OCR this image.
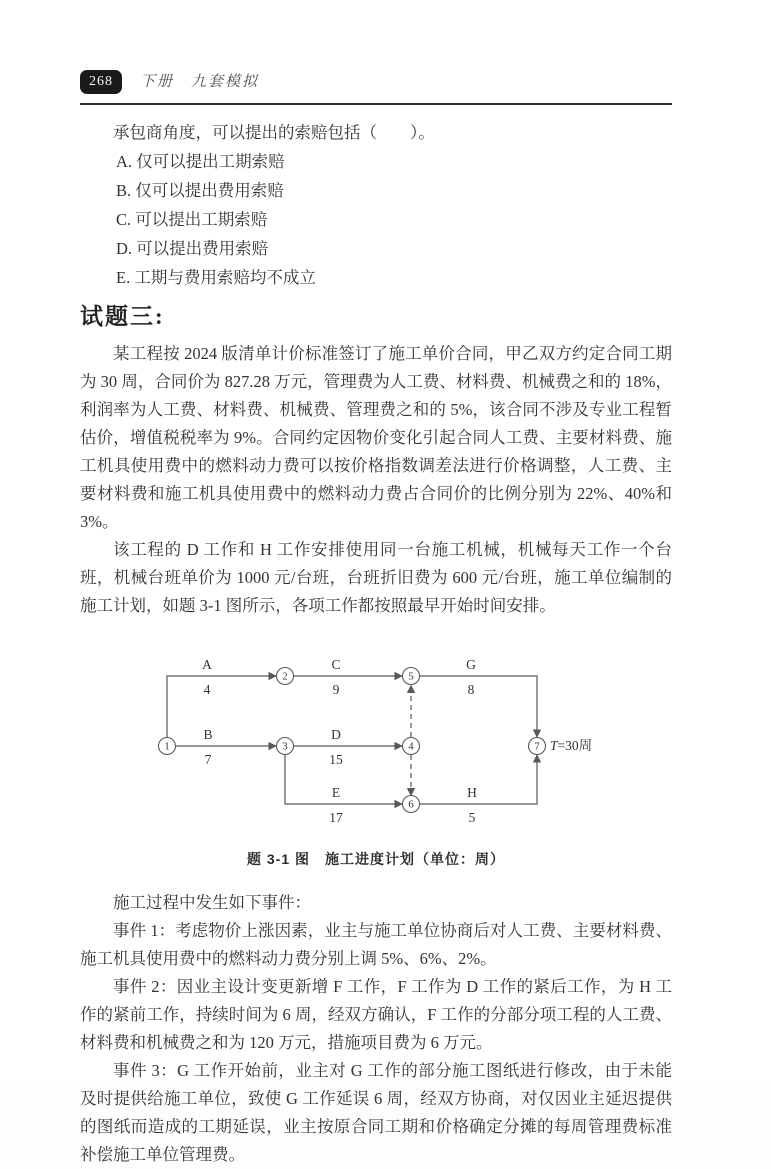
268	下册　九套模拟

承包商角度，可以提出的索赔包括（　　）。

A. 仅可以提出工期索赔
B. 仅可以提出费用索赔
C. 可以提出工期索赔
D. 可以提出费用索赔
E. 工期与费用索赔均不成立
试题三:

某工程按 2024 版清单计价标准签订了施工单价合同，甲乙双方约定合同工期为 30 周，合同价为 827.28 万元，管理费为人工费、材料费、机械费之和的 18%，利润率为人工费、材料费、机械费、管理费之和的 5%，该合同不涉及专业工程暂估价，增值税税率为 9%。合同约定因物价变化引起合同人工费、主要材料费、施工机具使用费中的燃料动力费可以按价格指数调差法进行价格调整，人工费、主要材料费和施工机具使用费中的燃料动力费占合同价的比例分别为 22%、40%和 3%。

该工程的 D 工作和 H 工作安排使用同一台施工机械，机械每天工作一个台班，机械台班单价为 1000 元/台班，台班折旧费为 600 元/台班，施工单位编制的施工计划，如题 3-1 图所示，各项工作都按照最早开始时间安排。

1
2
3	4
5
6
7
A
4
B
7
C
9
D
15
E
17
G
8
H
5
T=30周

题 3-1 图　施工进度计划（单位：周）

施工过程中发生如下事件：

事件 1：考虑物价上涨因素，业主与施工单位协商后对人工费、主要材料费、施工机具使用费中的燃料动力费分别上调 5%、6%、2%。

事件 2：因业主设计变更新增 F 工作，F 工作为 D 工作的紧后工作，为 H 工作的紧前工作，持续时间为 6 周，经双方确认，F 工作的分部分项工程的人工费、材料费和机械费之和为 120 万元，措施项目费为 6 万元。

事件 3：G 工作开始前，业主对 G 工作的部分施工图纸进行修改，由于未能及时提供给施工单位，致使 G 工作延误 6 周，经双方协商，对仅因业主延迟提供的图纸而造成的工期延误，业主按原合同工期和价格确定分摊的每周管理费标准补偿施工单位管理费。
